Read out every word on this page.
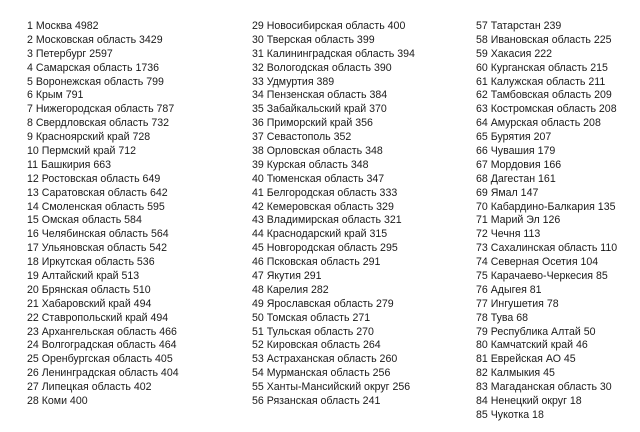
1 Москва 4982
2 Московская область 3429
3 Петербург 2597
4 Самарская область 1736
5 Воронежская область 799
6 Крым 791
7 Нижегородская область 787
8 Свердловская область 732
9 Красноярский край 728
10 Пермский край 712
11 Башкирия 663
12 Ростовская область 649
13 Саратовская область 642
14 Смоленская область 595
15 Омская область 584
16 Челябинская область 564
17 Ульяновская область 542
18 Иркутская область 536
19 Алтайский край 513
20 Брянская область 510
21 Хабаровский край 494
22 Ставропольский край 494
23 Архангельская область 466
24 Волгоградская область 464
25 Оренбургская область 405
26 Ленинградская область 404
27 Липецкая область 402
28 Коми 400
29 Новосибирская область 400
30 Тверская область 399
31 Калининградская область 394
32 Вологодская область 390
33 Удмуртия 389
34 Пензенская область 384
35 Забайкальский край 370
36 Приморский край 356
37 Севастополь 352
38 Орловская область 348
39 Курская область 348
40 Тюменская область 347
41 Белгородская область 333
42 Кемеровская область 329
43 Владимирская область 321
44 Краснодарский край 315
45 Новгородская область 295
46 Псковская область 291
47 Якутия 291
48 Карелия 282
49 Ярославская область 279
50 Томская область 271
51 Тульская область 270
52 Кировская область 264
53 Астраханская область 260
54 Мурманская область 256
55 Ханты-Мансийский округ 256
56 Рязанская область 241
57 Татарстан 239
58 Ивановская область 225
59 Хакасия 222
60 Курганская область 215
61 Калужская область 211
62 Тамбовская область 209
63 Костромская область 208
64 Амурская область 208
65 Бурятия 207
66 Чувашия 179
67 Мордовия 166
68 Дагестан 161
69 Ямал 147
70 Кабардино-Балкария 135
71 Марий Эл 126
72 Чечня 113
73 Сахалинская область 110
74 Северная Осетия 104
75 Карачаево-Черкесия 85
76 Адыгея 81
77 Ингушетия 78
78 Тува 68
79 Республика Алтай 50
80 Камчатский край 46
81 Еврейская АО 45
82 Калмыкия 45
83 Магаданская область 30
84 Ненецкий округ 18
85 Чукотка 18
